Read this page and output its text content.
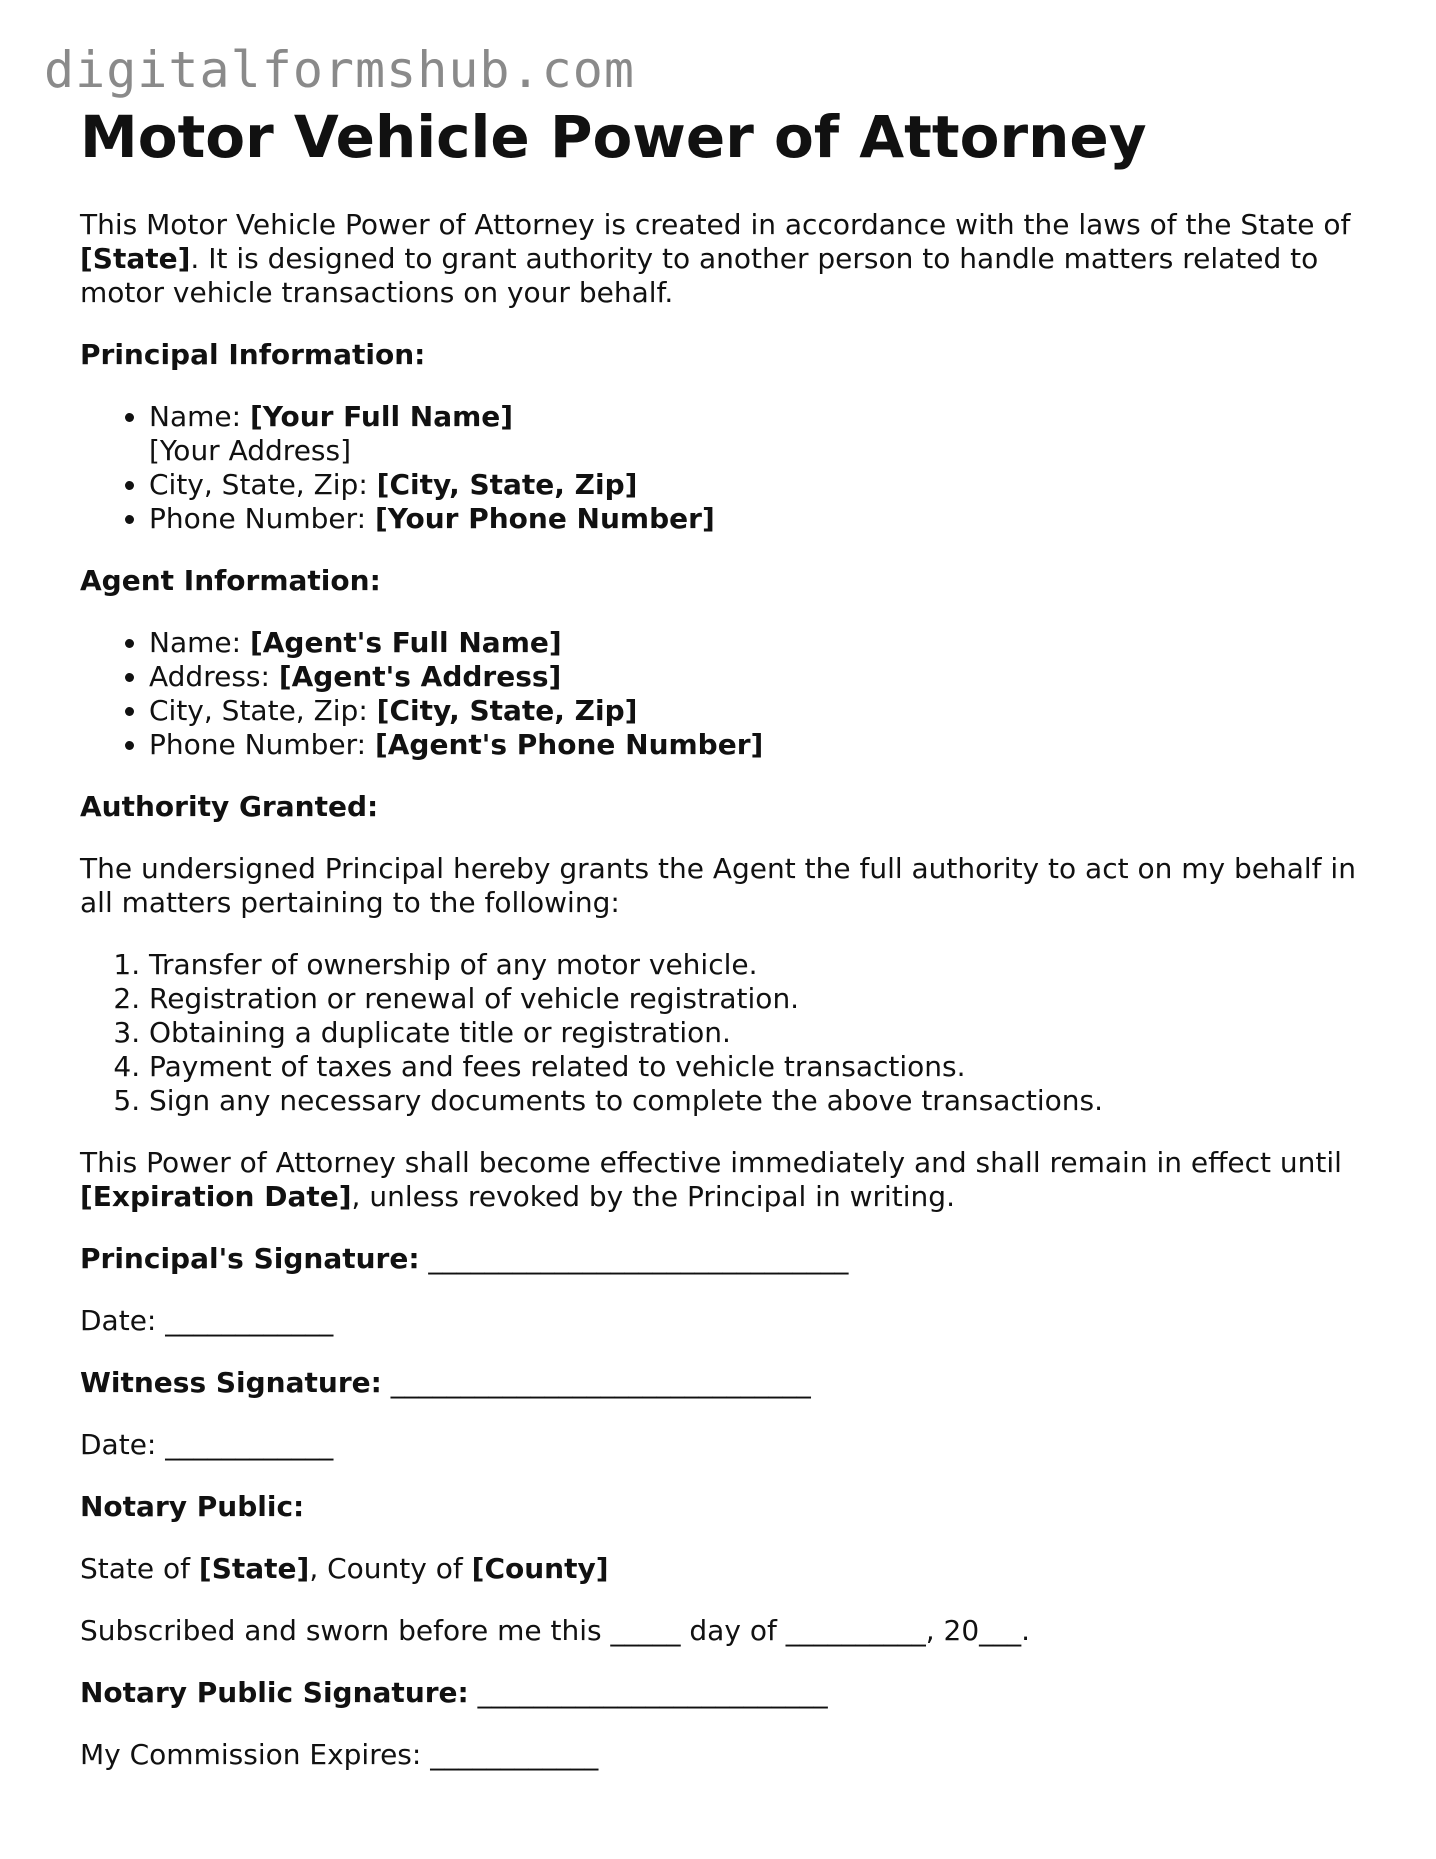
digitalformshub.com
Motor Vehicle Power of Attorney

This Motor Vehicle Power of Attorney is created in accordance with the laws of the State of [State]. It is designed to grant authority to another person to handle matters related to motor vehicle transactions on your behalf.

Principal Information:

• Name: [Your Full Name]
[Your Address]
• City, State, Zip: [City, State, Zip]
• Phone Number: [Your Phone Number]

Agent Information:

• Name: [Agent's Full Name]
• Address: [Agent's Address]
• City, State, Zip: [City, State, Zip]
• Phone Number: [Agent's Phone Number]

Authority Granted:

The undersigned Principal hereby grants the Agent the full authority to act on my behalf in all matters pertaining to the following:

1. Transfer of ownership of any motor vehicle.
2. Registration or renewal of vehicle registration.
3. Obtaining a duplicate title or registration.
4. Payment of taxes and fees related to vehicle transactions.
5. Sign any necessary documents to complete the above transactions.

This Power of Attorney shall become effective immediately and shall remain in effect until [Expiration Date], unless revoked by the Principal in writing.

Principal's Signature: ______________________________

Date: ____________

Witness Signature: ______________________________

Date: ____________

Notary Public:

State of [State], County of [County]

Subscribed and sworn before me this _____ day of __________, 20___.

Notary Public Signature: _________________________

My Commission Expires: ____________
